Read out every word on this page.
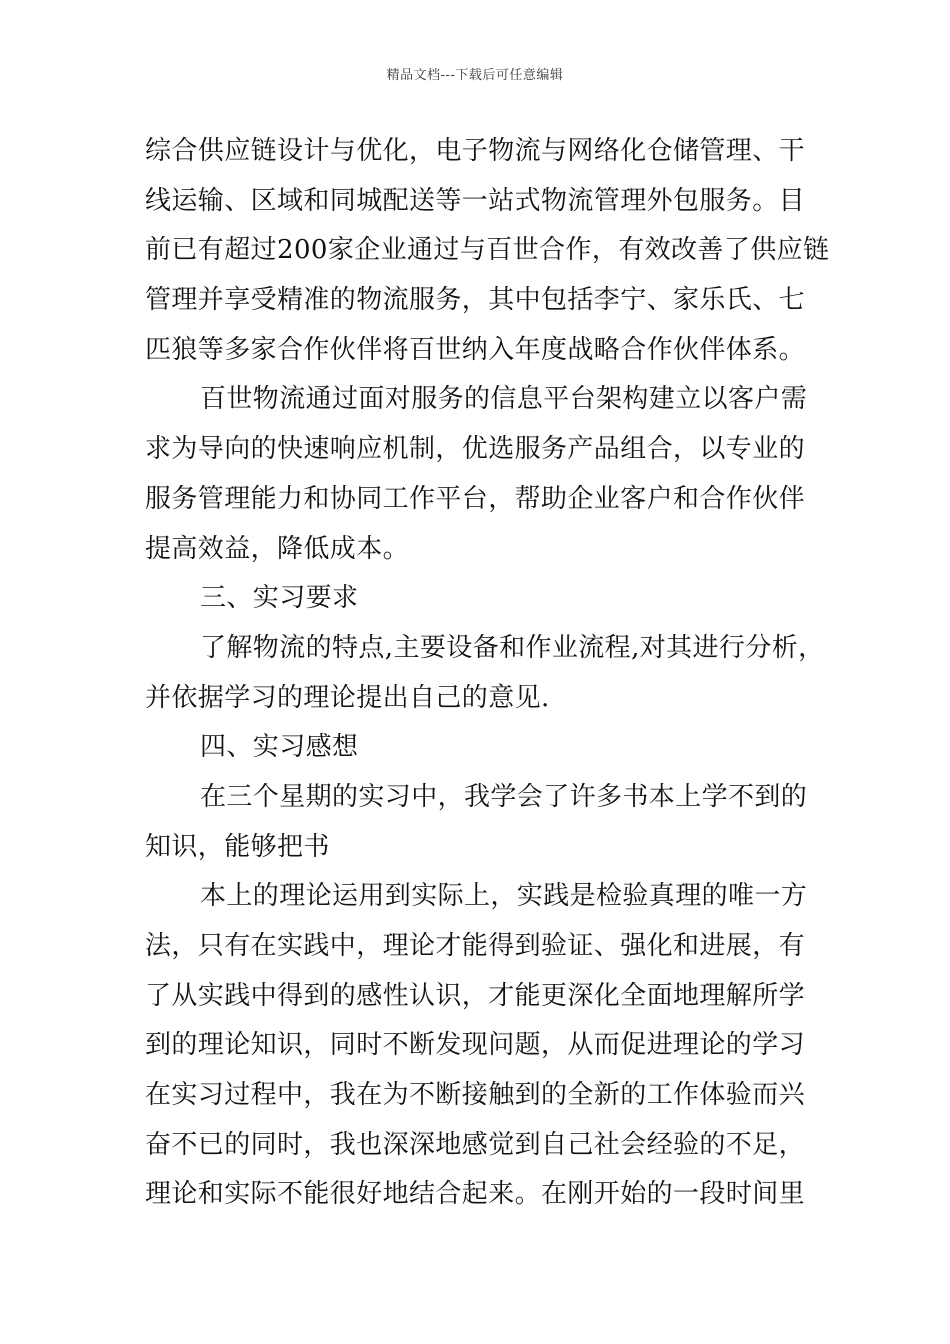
精品文档---下载后可任意编辑
综合供应链设计与优化，电子物流与网络化仓储管理、干
线运输、区域和同城配送等一站式物流管理外包服务。目
前已有超过200家企业通过与百世合作，有效改善了供应链
管理并享受精准的物流服务，其中包括李宁、家乐氏、七
匹狼等多家合作伙伴将百世纳入年度战略合作伙伴体系。
百世物流通过面对服务的信息平台架构建立以客户需
求为导向的快速响应机制，优选服务产品组合，以专业的
服务管理能力和协同工作平台，帮助企业客户和合作伙伴
提高效益，降低成本。
三、实习要求
了解物流的特点,主要设备和作业流程,对其进行分析，
并依据学习的理论提出自己的意见.
四、实习感想
在三个星期的实习中，我学会了许多书本上学不到的
知识，能够把书
本上的理论运用到实际上，实践是检验真理的唯一方
法，只有在实践中，理论才能得到验证、强化和进展，有
了从实践中得到的感性认识，才能更深化全面地理解所学
到的理论知识，同时不断发现问题，从而促进理论的学习
在实习过程中，我在为不断接触到的全新的工作体验而兴
奋不已的同时，我也深深地感觉到自己社会经验的不足，
理论和实际不能很好地结合起来。在刚开始的一段时间里
